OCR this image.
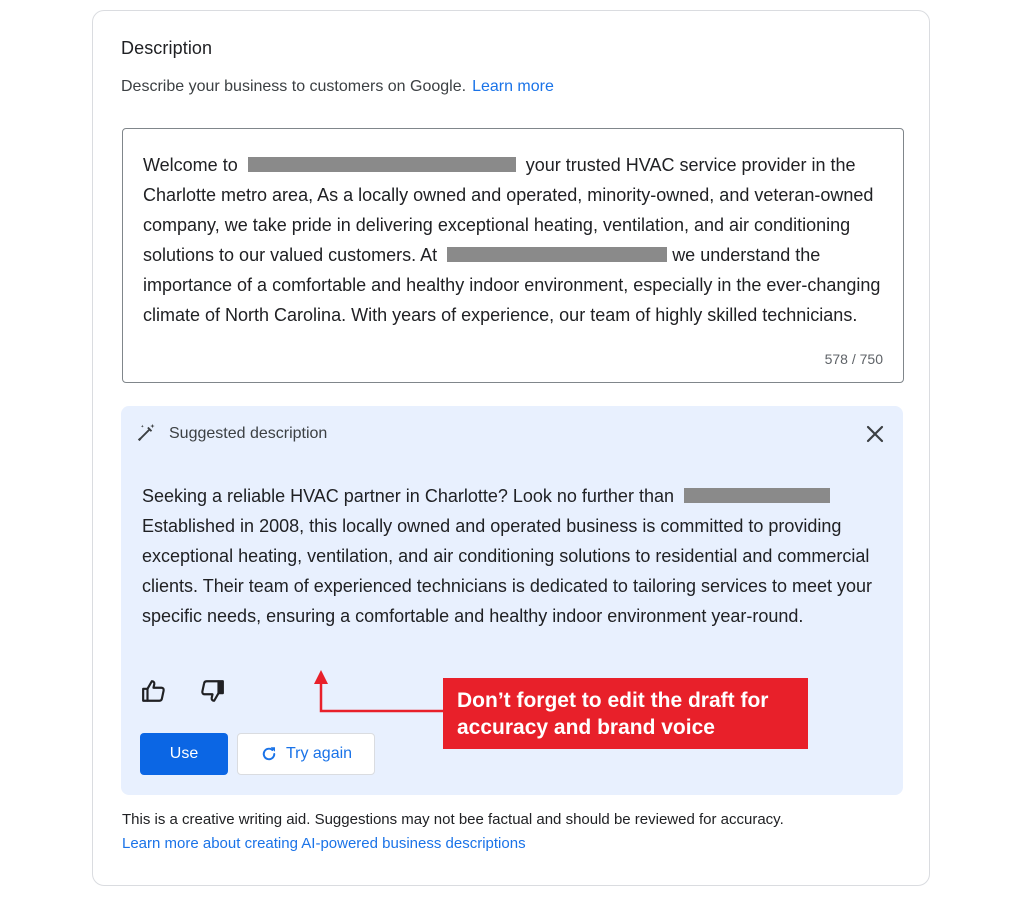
Description
Describe your business to customers on Google. Learn more
Welcome to	your trusted HVAC service provider in the Charlotte metro area, As a locally owned and operated, minority-owned, and veteran-owned company, we take pride in delivering exceptional heating, ventilation, and air conditioning solutions to our valued customers. At	we understand the importance of a comfortable and healthy indoor environment, especially in the ever-changing climate of North Carolina. With years of experience, our team of highly skilled technicians.
578 / 750
Suggested description
Seeking a reliable HVAC partner in Charlotte? Look no further than   Established in 2008, this locally owned and operated business is committed to providing exceptional heating, ventilation, and air conditioning solutions to residential and commercial clients. Their team of experienced technicians is dedicated to tailoring services to meet your specific needs, ensuring a comfortable and healthy indoor environment year-round.
Use	Try again
Don’t forget to edit the draft for accuracy and brand voice
This is a creative writing aid. Suggestions may not bee factual and should be reviewed for accuracy.
Learn more about creating AI-powered business descriptions
